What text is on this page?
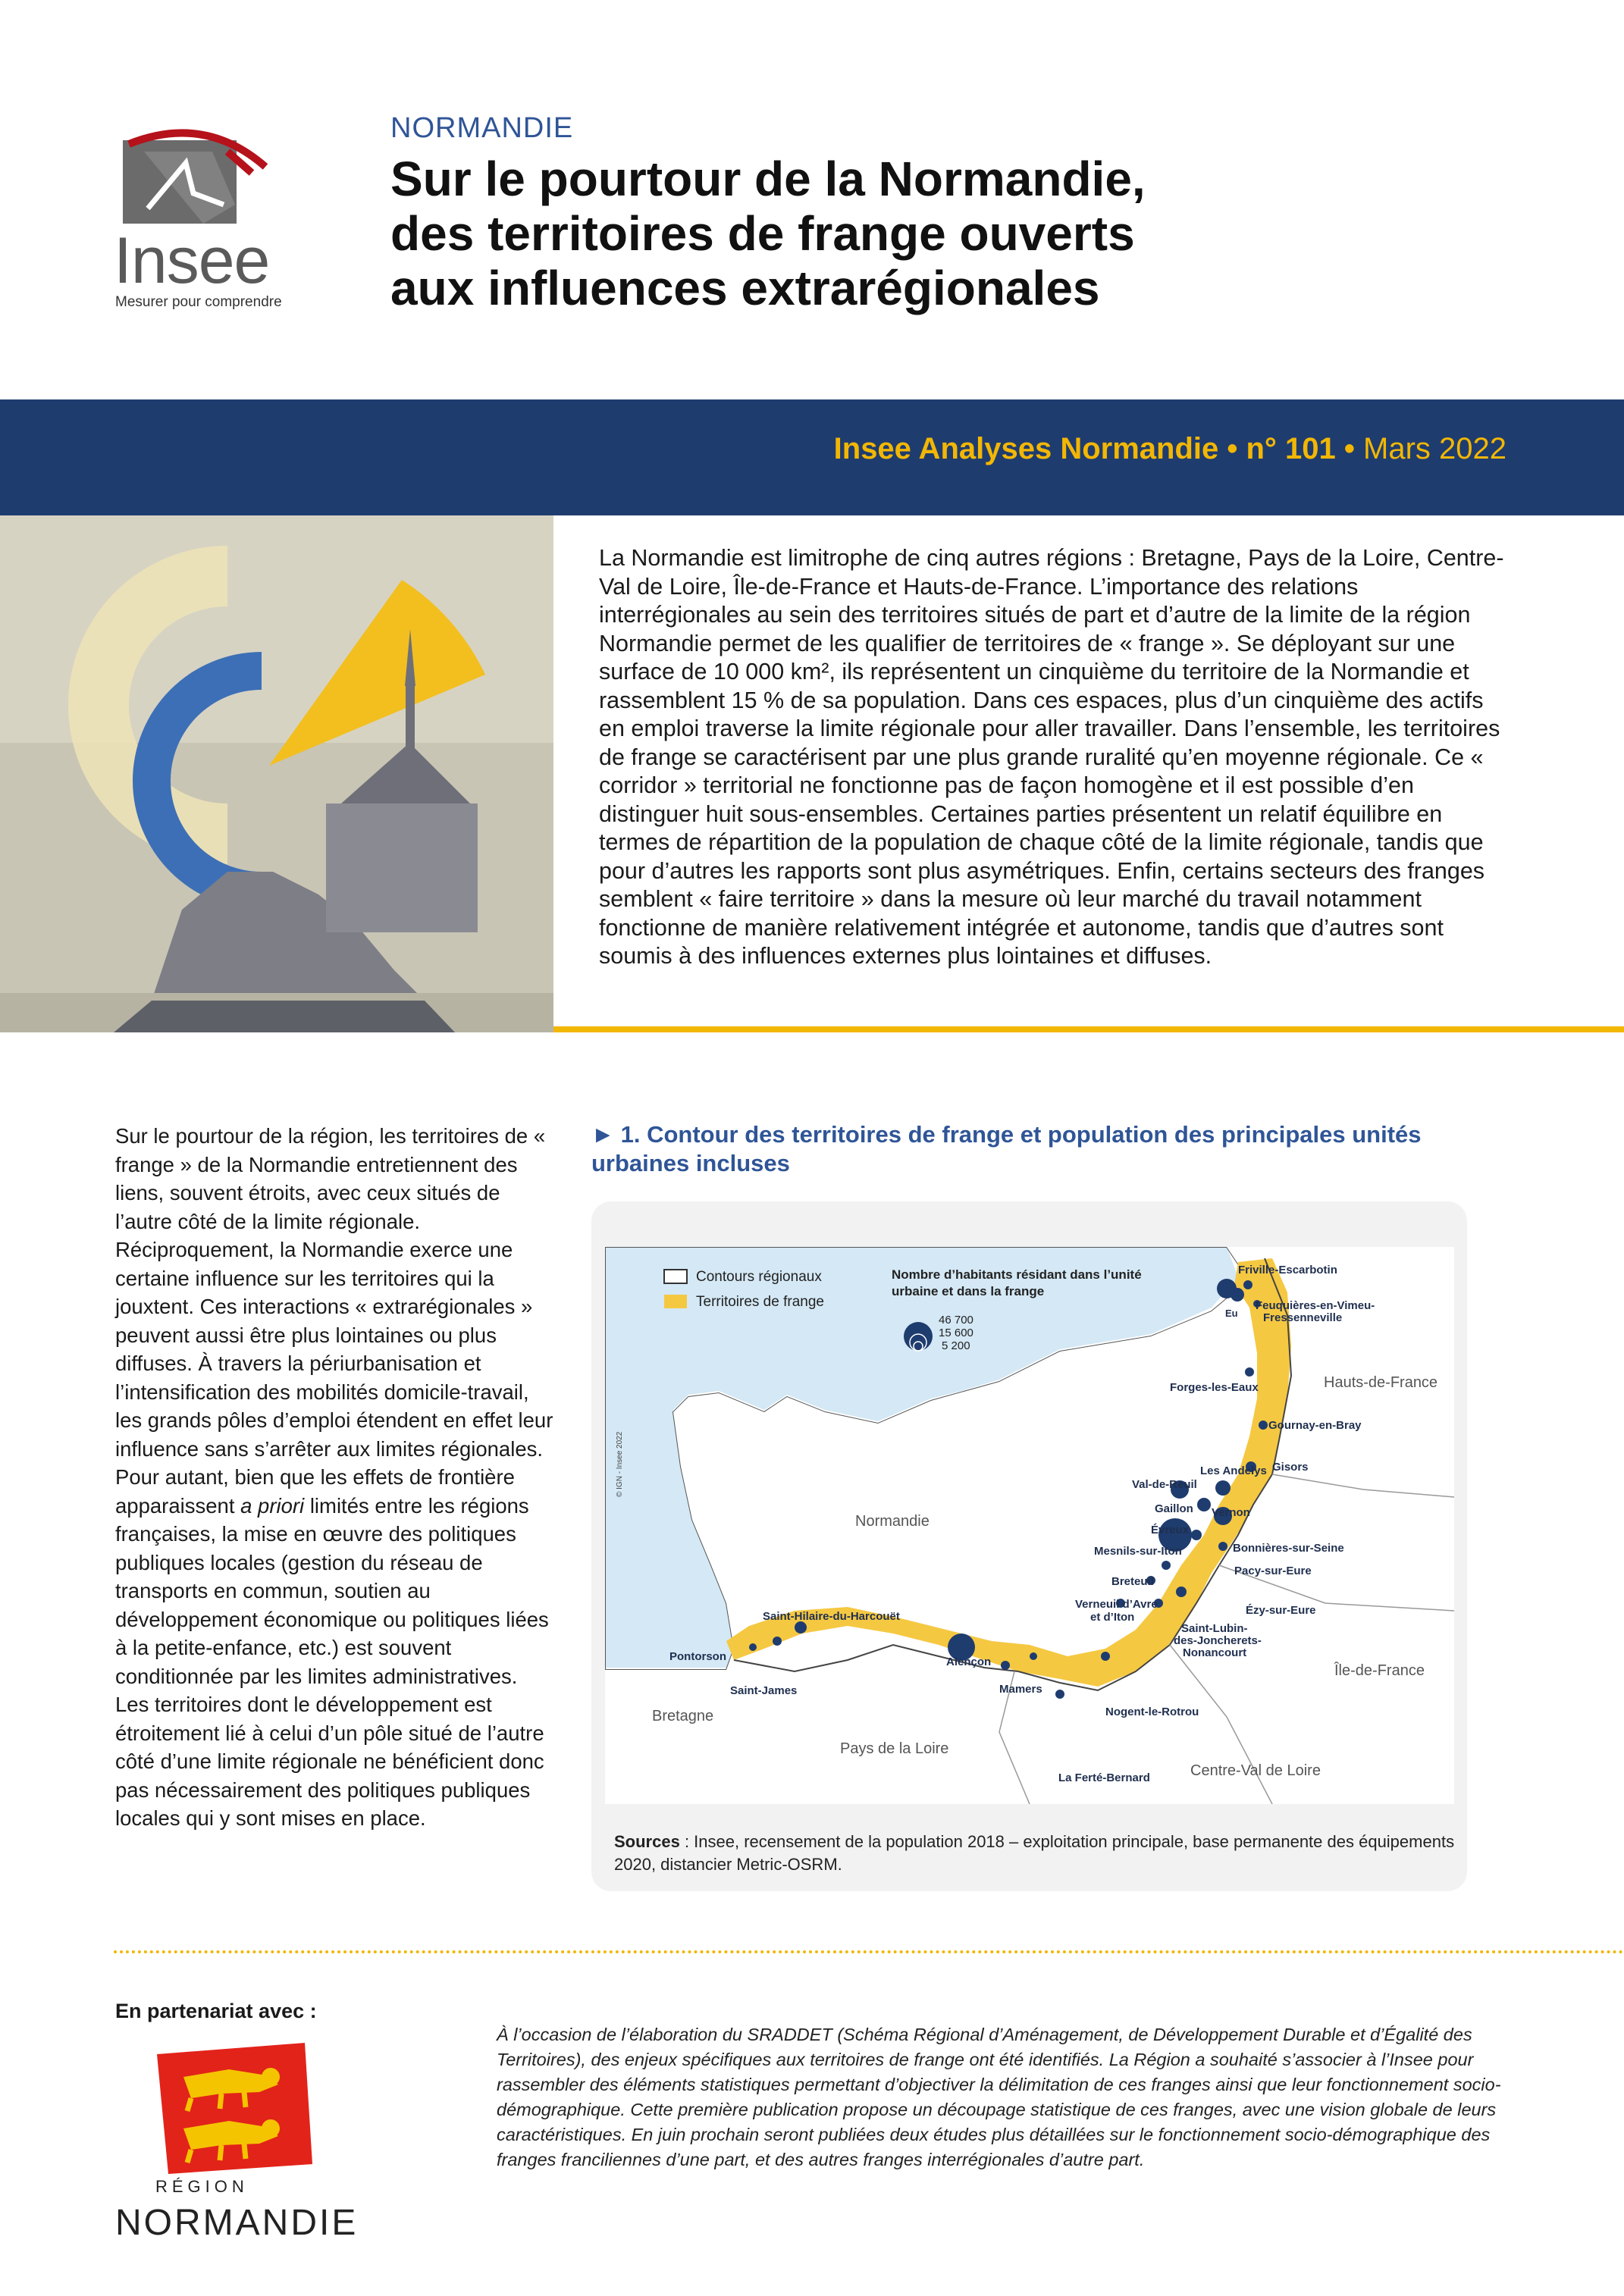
Insee
Mesurer pour comprendre
NORMANDIE
Sur le pourtour de la Normandie,
des territoires de frange ouverts
aux influences extrarégionales
Insee Analyses Normandie • n° 101 • Mars 2022
La Normandie est limitrophe de cinq autres régions : Bretagne, Pays de la Loire, Centre-Val de Loire, Île-de-France et Hauts-de-France. L’importance des relations interrégionales au sein des territoires situés de part et d’autre de la limite de la région Normandie permet de les qualifier de territoires de « frange ». Se déployant sur une surface de 10 000 km², ils représentent un cinquième du territoire de la Normandie et rassemblent 15 % de sa population. Dans ces espaces, plus d’un cinquième des actifs en emploi traverse la limite régionale pour aller travailler. Dans l’ensemble, les territoires de frange se caractérisent par une plus grande ruralité qu’en moyenne régionale. Ce « corridor » territorial ne fonctionne pas de façon homogène et il est possible d’en distinguer huit sous-ensembles. Certaines parties présentent un relatif équilibre en termes de répartition de la population de chaque côté de la limite régionale, tandis que pour d’autres les rapports sont plus asymétriques. Enfin, certains secteurs des franges semblent « faire territoire » dans la mesure où leur marché du travail notamment fonctionne de manière relativement intégrée et autonome, tandis que d’autres sont soumis à des influences externes plus lointaines et diffuses.
Sur le pourtour de la région, les territoires de « frange » de la Normandie entretiennent des liens, souvent étroits, avec ceux situés de l’autre côté de la limite régionale. Réciproquement, la Normandie exerce une certaine influence sur les territoires qui la jouxtent. Ces interactions « extrarégionales » peuvent aussi être plus lointaines ou plus diffuses. À travers la périurbanisation et l’intensification des mobilités domicile-travail, les grands pôles d’emploi étendent en effet leur influence sans s’arrêter aux limites régionales. Pour autant, bien que les effets de frontière apparaissent a priori limités entre les régions françaises, la mise en œuvre des politiques publiques locales (gestion du réseau de transports en commun, soutien au développement économique ou politiques liées à la petite-enfance, etc.) est souvent conditionnée par les limites administratives. Les territoires dont le développement est étroitement lié à celui d’un pôle situé de l’autre côté d’une limite régionale ne bénéficient donc pas nécessairement des politiques publiques locales qui y sont mises en place.
► 1. Contour des territoires de frange et population des principales unités urbaines incluses
Contours régionaux
Territoires de frange
Nombre d’habitants résidant dans l’unité
urbaine et dans la frange
46 700
15 600
5 200
© IGN - Insee 2022
Normandie
Hauts-de-France
Île-de-France
Bretagne
Pays de la Loire
Centre-Val de Loire
Friville-Escarbotin
Eu
Feuquières-en-Vimeu-
Fressenneville
Forges-les-Eaux
Gournay-en-Bray
Gisors
Les Andelys
Val-de-Reuil
Gaillon Vernon
Évreux
Bonnières-sur-Seine
Mesnils-sur-Iton
Pacy-sur-Eure
Breteuil
Verneuil d’Avre
et d’Iton
Ézy-sur-Eure
Saint-Lubin-
des-Joncherets-
Nonancourt
Saint-Hilaire-du-Harcouët
Pontorson
Saint-James
Alençon
Mamers
Nogent-le-Rotrou
La Ferté-Bernard
Sources : Insee, recensement de la population 2018 – exploitation principale, base permanente des équipements 2020, distancier Metric-OSRM.
En partenariat avec :
RÉGION
NORMANDIE
À l’occasion de l’élaboration du SRADDET (Schéma Régional d’Aménagement, de Développement Durable et d’Égalité des Territoires), des enjeux spécifiques aux territoires de frange ont été identifiés. La Région a souhaité s’associer à l’Insee pour rassembler des éléments statistiques permettant d’objectiver la délimitation de ces franges ainsi que leur fonctionnement socio-démographique. Cette première publication propose un découpage statistique de ces franges, avec une vision globale de leurs caractéristiques. En juin prochain seront publiées deux études plus détaillées sur le fonctionnement socio-démographique des franges franciliennes d’une part, et des autres franges interrégionales d’autre part.
